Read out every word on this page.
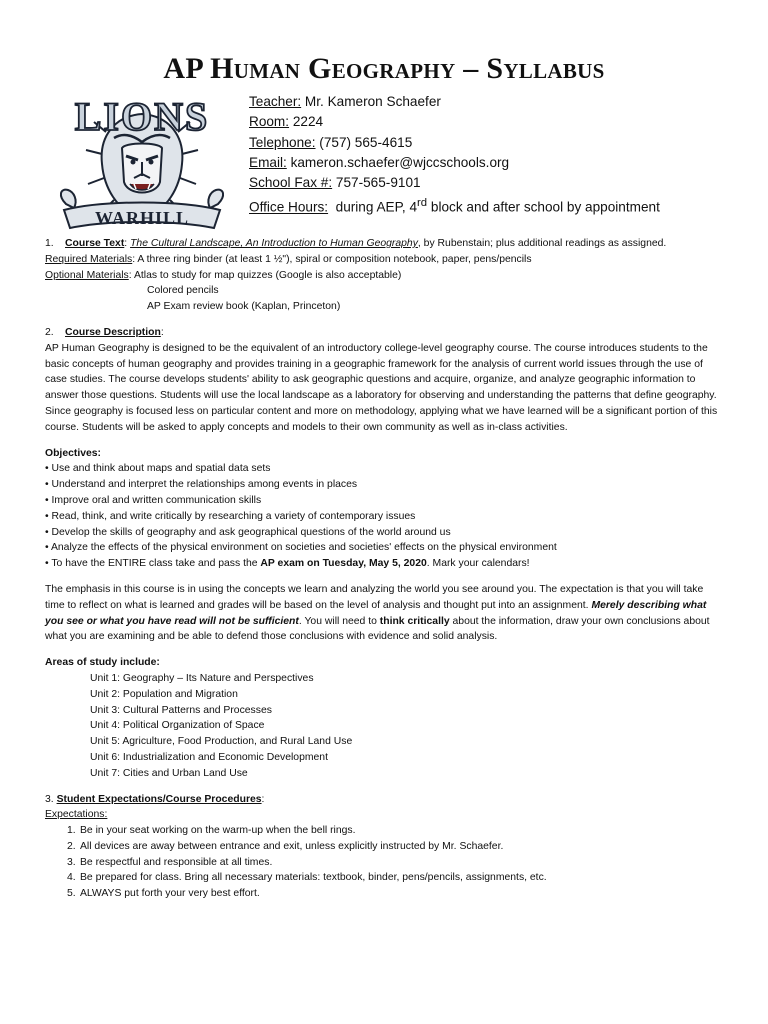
AP Human Geography – Syllabus
LIONS
WARHILL
Teacher: Mr. Kameron Schaefer
Room: 2224
Telephone: (757) 565-4615
Email: kameron.schaefer@wjccschools.org
School Fax #: 757-565-9101
Office Hours: during AEP, 4rd block and after school by appointment

1. Course Text: The Cultural Landscape, An Introduction to Human Geography, by Rubenstain; plus additional readings as assigned.

Required Materials: A three ring binder (at least 1 ½"), spiral or composition notebook, paper, pens/pencils

Optional Materials: Atlas to study for map quizzes (Google is also acceptable)

Colored pencils

AP Exam review book (Kaplan, Princeton)

2. Course Description:

AP Human Geography is designed to be the equivalent of an introductory college-level geography course. The course introduces students to the basic concepts of human geography and provides training in a geographic framework for the analysis of current world issues through the use of case studies. The course develops students' ability to ask geographic questions and acquire, organize, and analyze geographic information to answer those questions. Students will use the local landscape as a laboratory for observing and understanding the patterns that define geography. Since geography is focused less on particular content and more on methodology, applying what we have learned will be a significant portion of this course. Students will be asked to apply concepts and models to their own community as well as in-class activities.

Objectives:

• Use and think about maps and spatial data sets

• Understand and interpret the relationships among events in places

• Improve oral and written communication skills

• Read, think, and write critically by researching a variety of contemporary issues

• Develop the skills of geography and ask geographical questions of the world around us

• Analyze the effects of the physical environment on societies and societies' effects on the physical environment

• To have the ENTIRE class take and pass the AP exam on Tuesday, May 5, 2020. Mark your calendars!

The emphasis in this course is in using the concepts we learn and analyzing the world you see around you. The expectation is that you will take time to reflect on what is learned and grades will be based on the level of analysis and thought put into an assignment. Merely describing what you see or what you have read will not be sufficient. You will need to think critically about the information, draw your own conclusions about what you are examining and be able to defend those conclusions with evidence and solid analysis.

Areas of study include:

Unit 1: Geography – Its Nature and Perspectives

Unit 2: Population and Migration

Unit 3: Cultural Patterns and Processes

Unit 4: Political Organization of Space

Unit 5: Agriculture, Food Production, and Rural Land Use

Unit 6: Industrialization and Economic Development

Unit 7: Cities and Urban Land Use

3. Student Expectations/Course Procedures:

Expectations:

1. Be in your seat working on the warm-up when the bell rings.

2. All devices are away between entrance and exit, unless explicitly instructed by Mr. Schaefer.

3. Be respectful and responsible at all times.

4. Be prepared for class. Bring all necessary materials: textbook, binder, pens/pencils, assignments, etc.

5. ALWAYS put forth your very best effort.
